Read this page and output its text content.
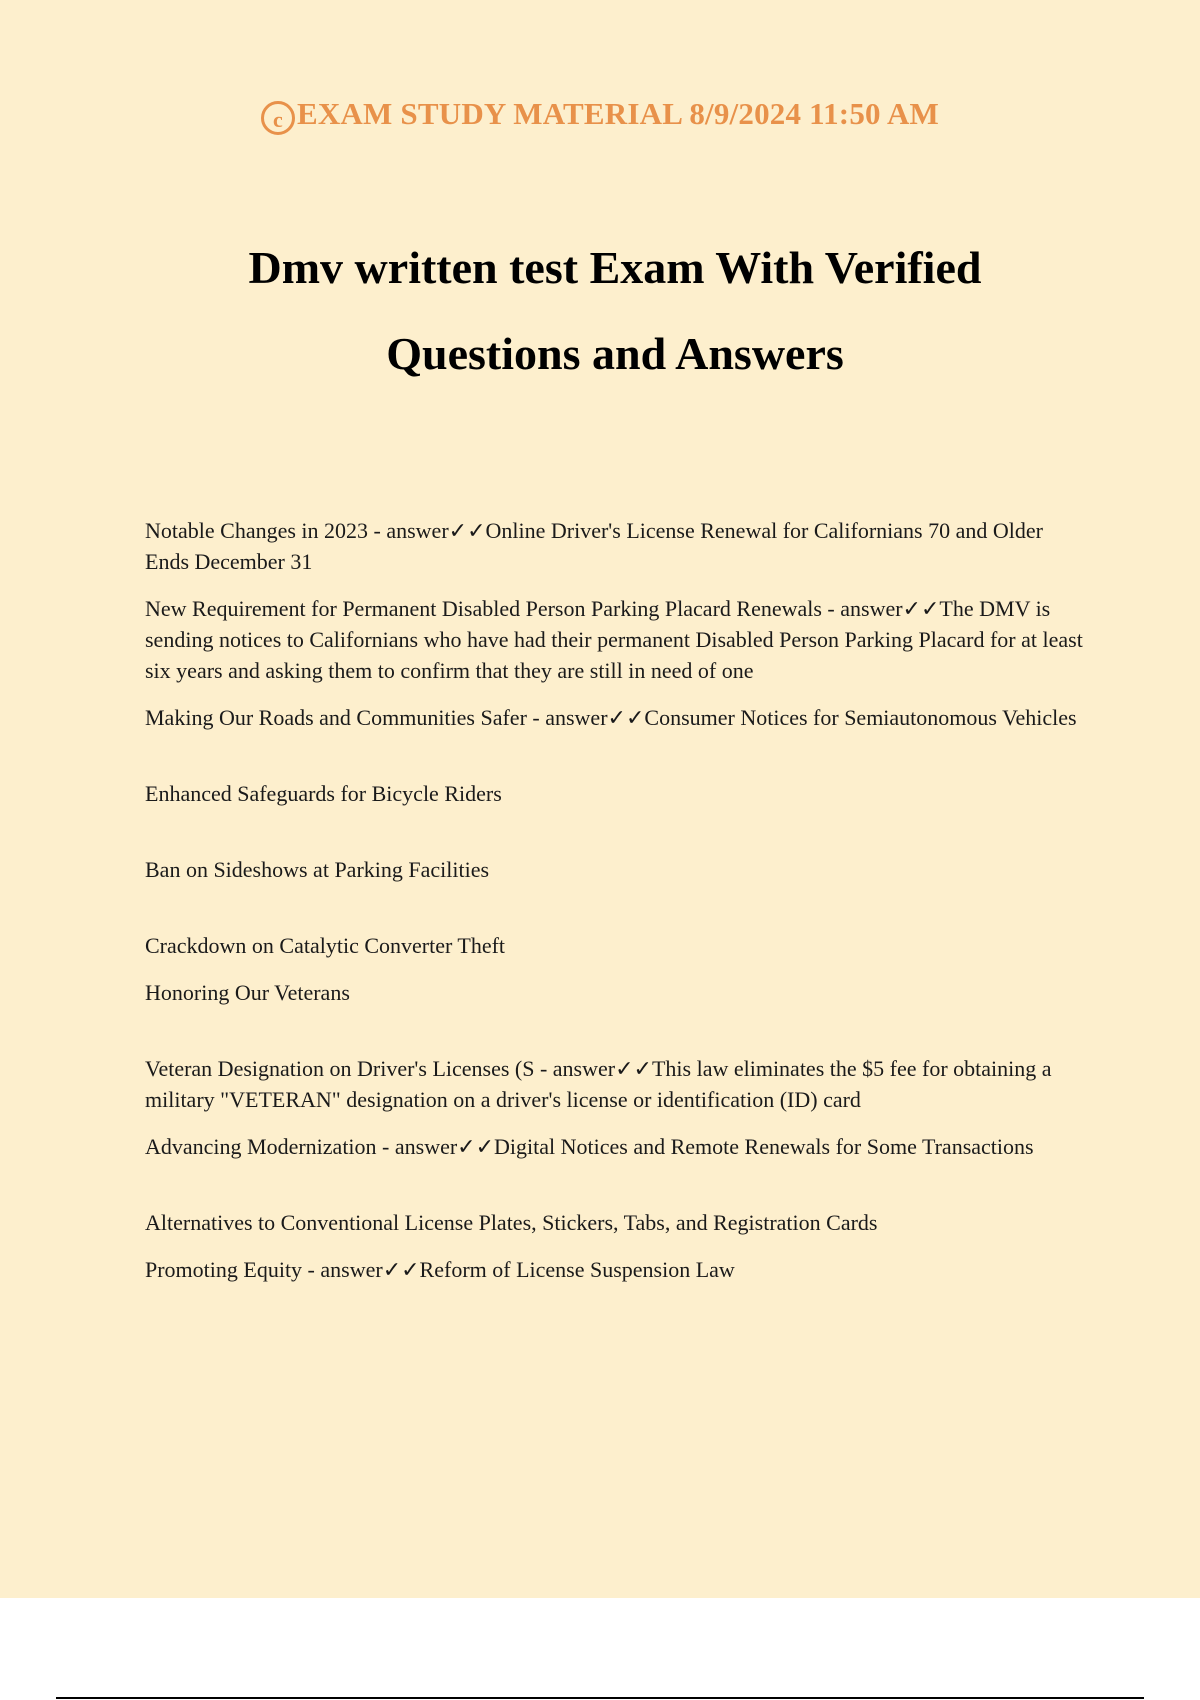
c EXAM STUDY MATERIAL 8/9/2024 11:50 AM
Dmv written test Exam With Verified
Questions and Answers

Notable Changes in 2023 - answer✓✓Online Driver's License Renewal for Californians 70 and Older Ends December 31

New Requirement for Permanent Disabled Person Parking Placard Renewals - answer✓✓The DMV is sending notices to Californians who have had their permanent Disabled Person Parking Placard for at least six years and asking them to confirm that they are still in need of one

Making Our Roads and Communities Safer - answer✓✓Consumer Notices for Semiautonomous Vehicles

Enhanced Safeguards for Bicycle Riders

Ban on Sideshows at Parking Facilities

Crackdown on Catalytic Converter Theft

Honoring Our Veterans

Veteran Designation on Driver's Licenses (S - answer✓✓This law eliminates the $5 fee for obtaining a military "VETERAN" designation on a driver's license or identification (ID) card

Advancing Modernization - answer✓✓Digital Notices and Remote Renewals for Some Transactions

Alternatives to Conventional License Plates, Stickers, Tabs, and Registration Cards

Promoting Equity - answer✓✓Reform of License Suspension Law
